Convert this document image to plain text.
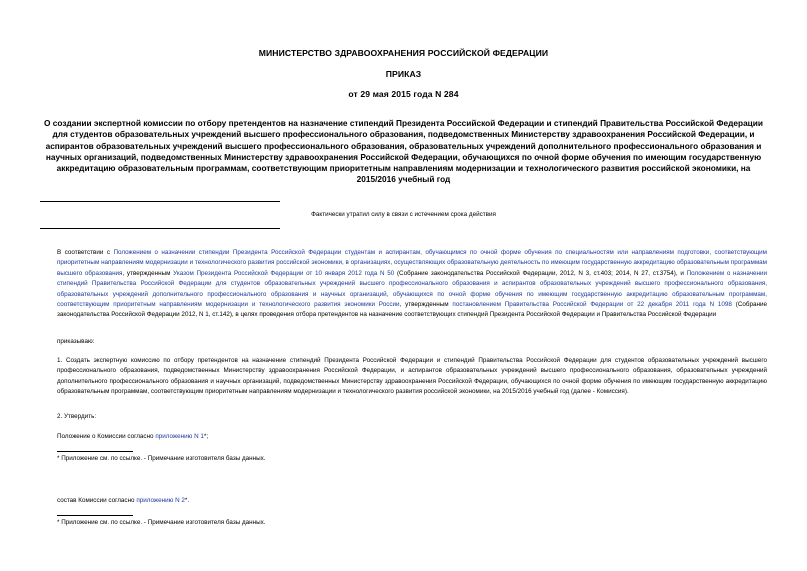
МИНИСТЕРСТВО ЗДРАВООХРАНЕНИЯ РОССИЙСКОЙ ФЕДЕРАЦИИ
ПРИКАЗ
от 29 мая 2015 года N 284
О создании экспертной комиссии по отбору претендентов на назначение стипендий Президента Российской Федерации и стипендий Правительства Российской Федерации для студентов образовательных учреждений высшего профессионального образования, подведомственных Министерству здравоохранения Российской Федерации, и аспирантов образовательных учреждений высшего профессионального образования, образовательных учреждений дополнительного профессионального образования и научных организаций, подведомственных Министерству здравоохранения Российской Федерации, обучающихся по очной форме обучения по имеющим государственную аккредитацию образовательным программам, соответствующим приоритетным направлениям модернизации и технологического развития российской экономики, на 2015/2016 учебный год
Фактически утратил силу в связи с истечением срока действия
В соответствии с Положением о назначении стипендии Президента Российской Федерации студентам и аспирантам, обучающимся по очной форме обучения по специальностям или направлениям подготовки, соответствующим приоритетным направлениям модернизации и технологического развития российской экономики, в организациях, осуществляющих образовательную деятельность по имеющим государственную аккредитацию образовательным программам высшего образования, утвержденным Указом Президента Российской Федерации от 10 января 2012 года N 50 (Собрание законодательства Российской Федерации, 2012, N 3, ст.403; 2014, N 27, ст.3754), и Положением о назначении стипендий Правительства Российской Федерации для студентов образовательных учреждений высшего профессионального образования и аспирантов образовательных учреждений высшего профессионального образования, образовательных учреждений дополнительного профессионального образования и научных организаций, обучающихся по очной форме обучения по имеющим государственную аккредитацию образовательным программам, соответствующим приоритетным направлениям модернизации и технологического развития экономики России, утвержденным постановлением Правительства Российской Федерации от 22 декабря 2011 года N 1098 (Собрание законодательства Российской Федерации 2012, N 1, ст.142), в целях проведения отбора претендентов на назначение соответствующих стипендий Президента Российской Федерации и Правительства Российской Федерации
приказываю:
1. Создать экспертную комиссию по отбору претендентов на назначение стипендий Президента Российской Федерации и стипендий Правительства Российской Федерации для студентов образовательных учреждений высшего профессионального образования, подведомственных Министерству здравоохранения Российской Федерации, и аспирантов образовательных учреждений высшего профессионального образования, образовательных учреждений дополнительного профессионального образования и научных организаций, подведомственных Министерству здравоохранения Российской Федерации, обучающихся по очной форме обучения по имеющим государственную аккредитацию образовательным программам, соответствующим приоритетным направлениям модернизации и технологического развития российской экономики, на 2015/2016 учебный год (далее - Комиссия).
2. Утвердить:
Положение о Комиссии согласно приложению N 1*;
* Приложение см. по ссылке. - Примечание изготовителя базы данных.
состав Комиссии согласно приложению N 2*.
* Приложение см. по ссылке. - Примечание изготовителя базы данных.
